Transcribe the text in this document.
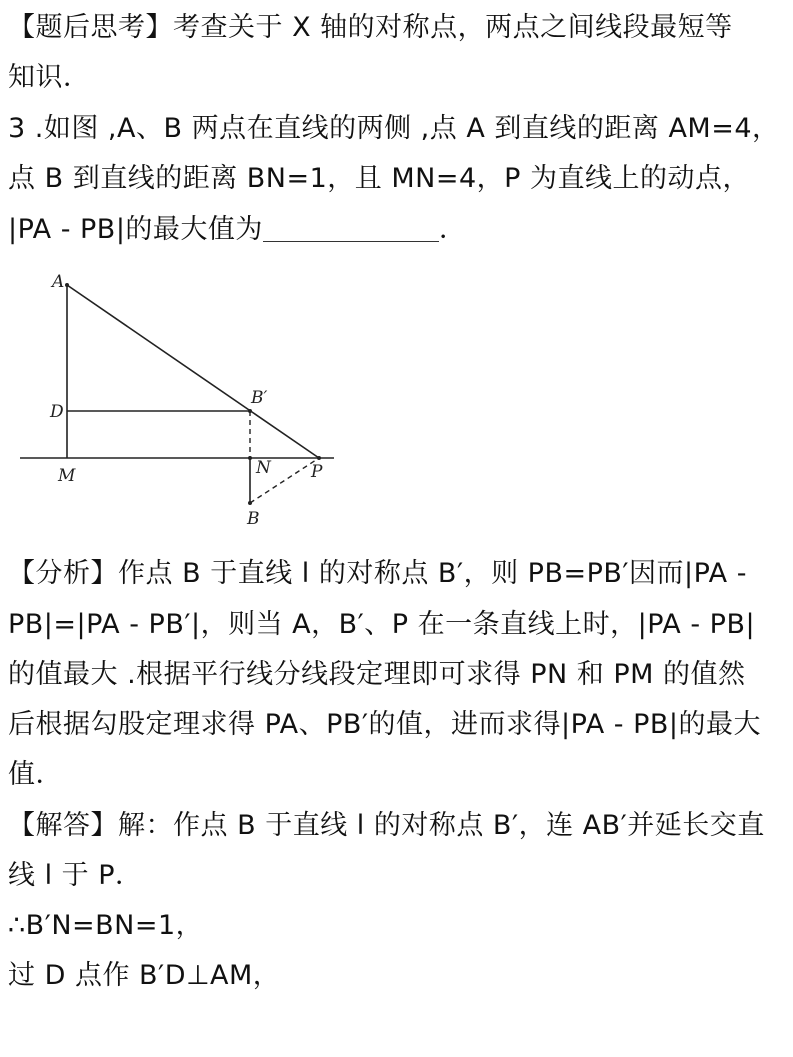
【题后思考】考查关于 X 轴的对称点，两点之间线段最短等
知识．
3 .如图 ,A、B 两点在直线的两侧 ,点 A 到直线的距离 AM=4，
点 B 到直线的距离 BN=1，且 MN=4，P 为直线上的动点，
|PA - PB|的最大值为	．
A
D
M
B′
N P
B
【分析】作点 B 于直线 l 的对称点 B′，则 PB=PB′因而|PA -
PB|=|PA - PB′|，则当 A，B′、P 在一条直线上时，|PA - PB|
的值最大 .根据平行线分线段定理即可求得 PN 和 PM 的值然
后根据勾股定理求得 PA、PB′的值，进而求得|PA - PB|的最大
值．
【解答】解：作点 B 于直线 l 的对称点 B′，连 AB′并延长交直
线 l 于 P．
∴B′N=BN=1，
过 D 点作 B′D⊥AM，
